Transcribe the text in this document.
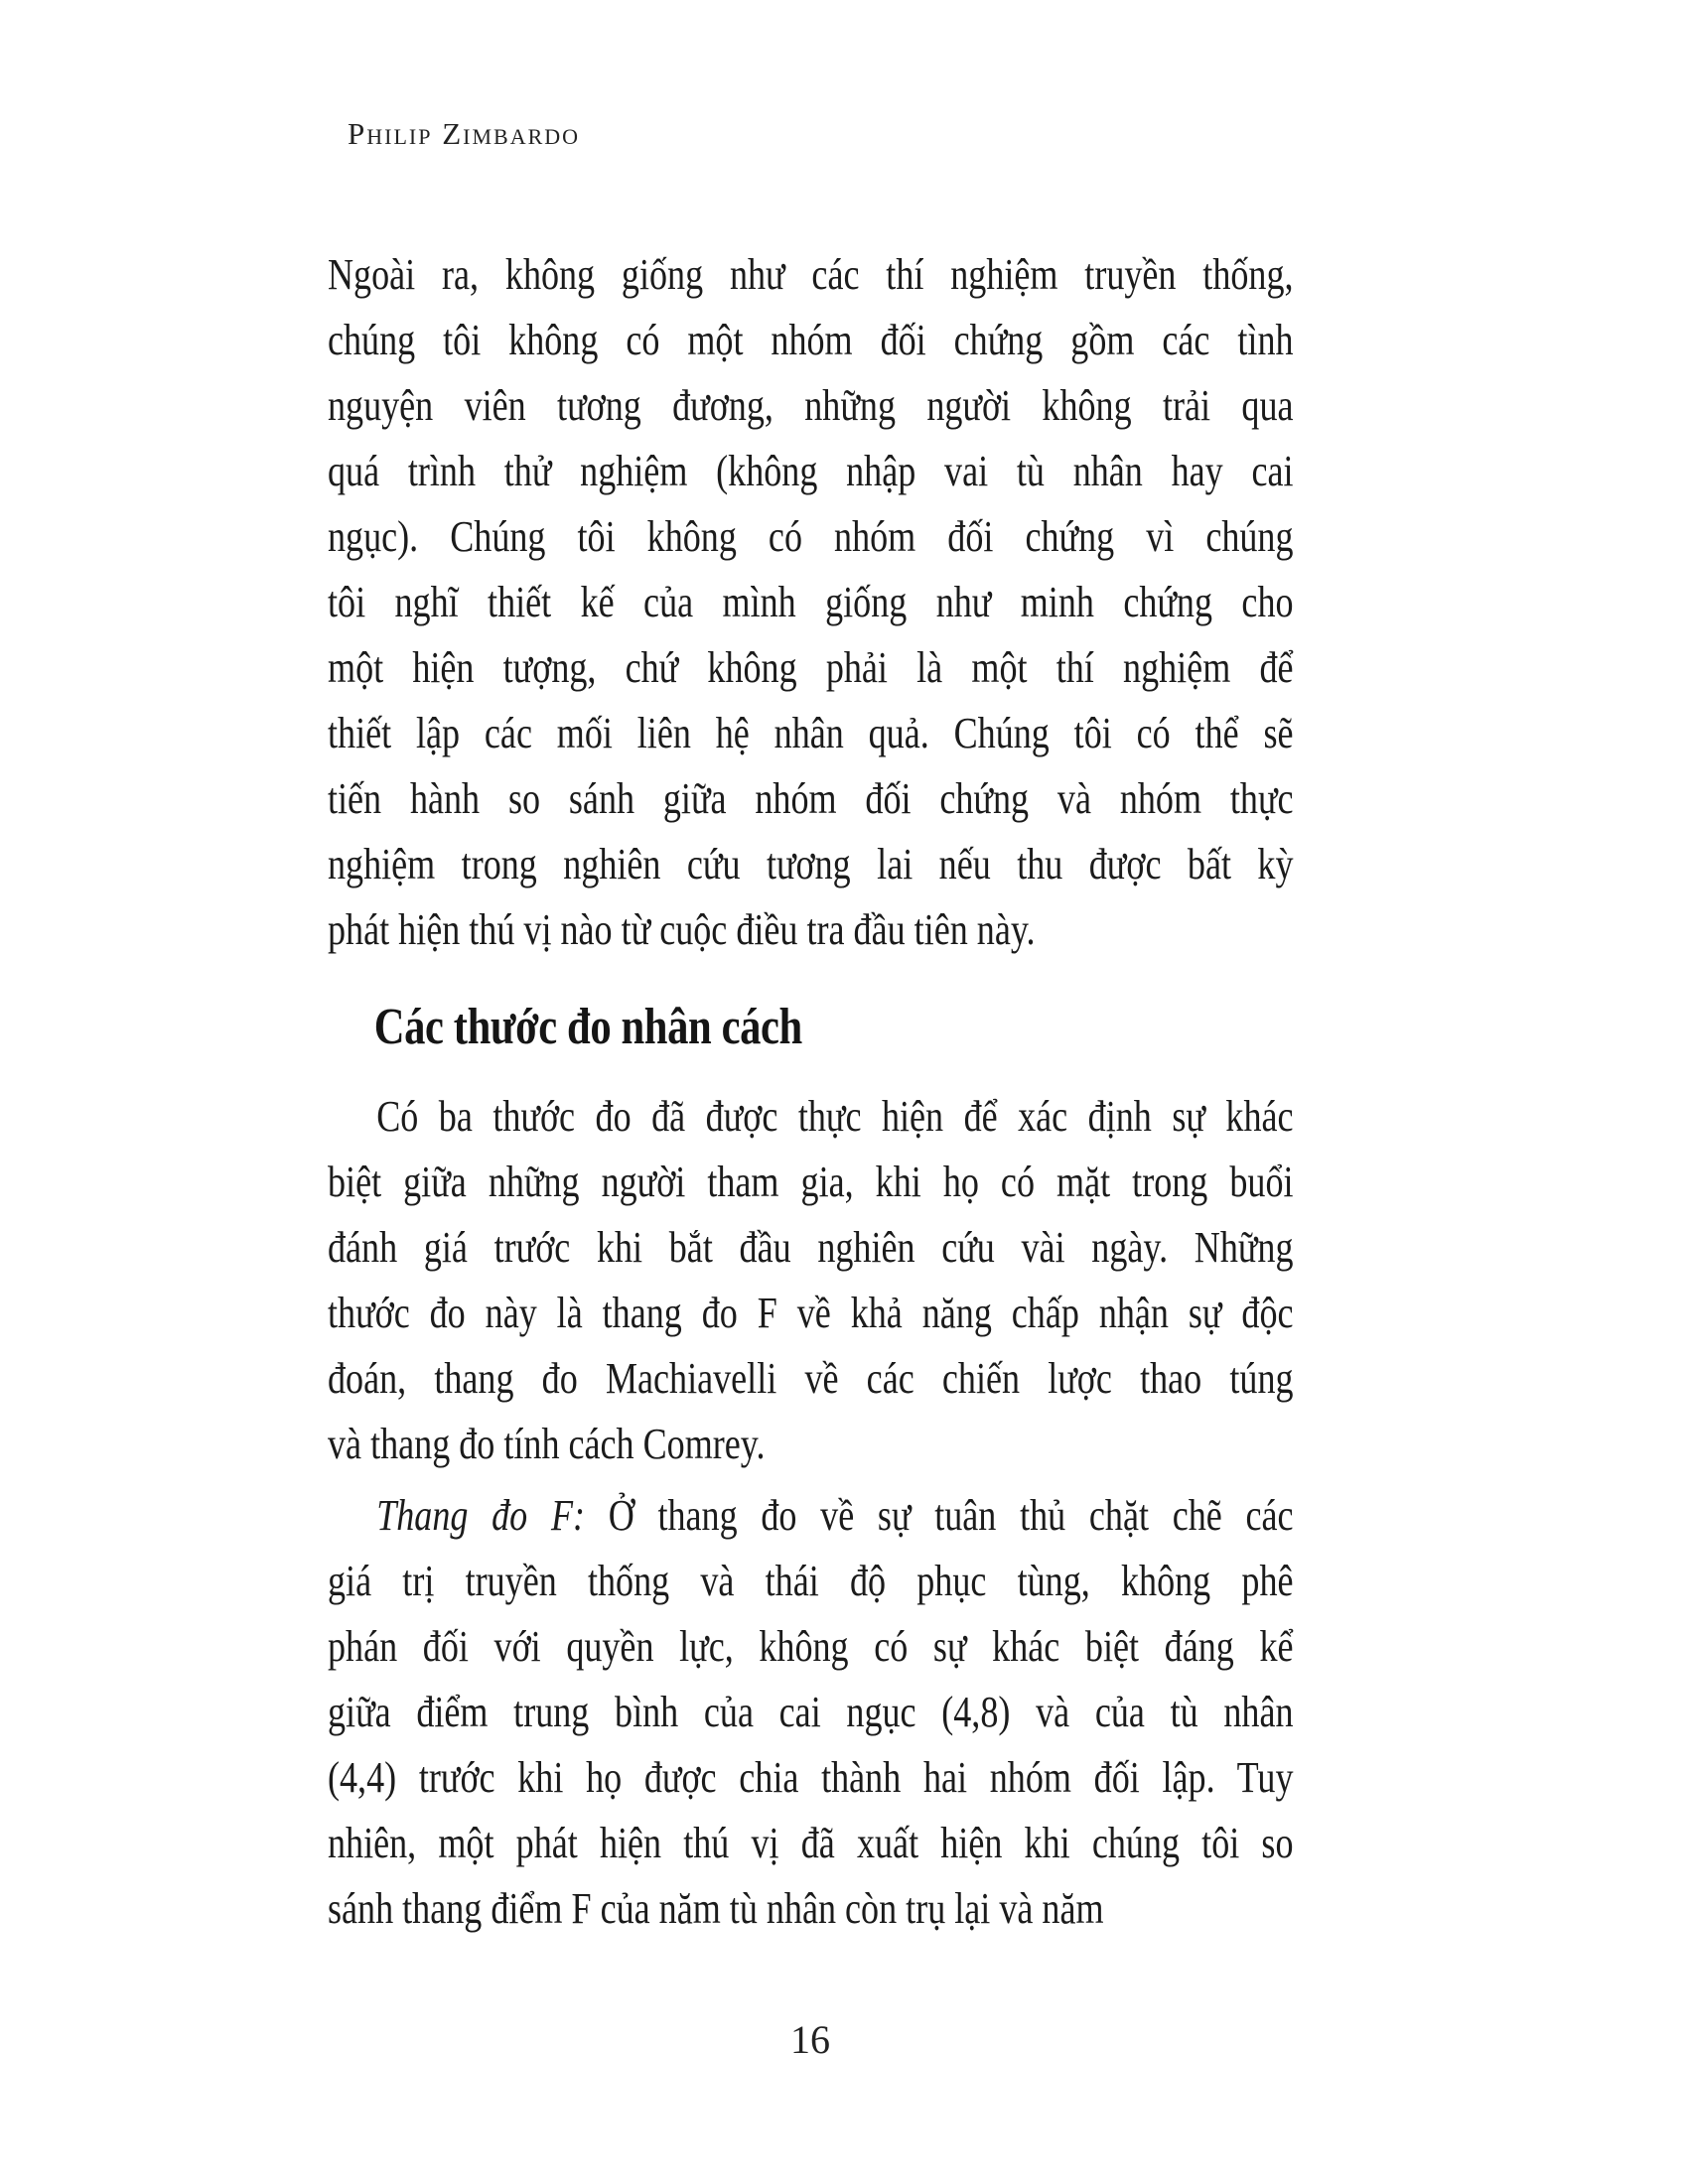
Philip Zimbardo
Ngoài ra, không giống như các thí nghiệm truyền thống,
chúng tôi không có một nhóm đối chứng gồm các tình
nguyện viên tương đương, những người không trải qua
quá trình thử nghiệm (không nhập vai tù nhân hay cai
ngục). Chúng tôi không có nhóm đối chứng vì chúng
tôi nghĩ thiết kế của mình giống như minh chứng cho
một hiện tượng, chứ không phải là một thí nghiệm để
thiết lập các mối liên hệ nhân quả. Chúng tôi có thể sẽ
tiến hành so sánh giữa nhóm đối chứng và nhóm thực
nghiệm trong nghiên cứu tương lai nếu thu được bất kỳ
phát hiện thú vị nào từ cuộc điều tra đầu tiên này.
Các thước đo nhân cách
Có ba thước đo đã được thực hiện để xác định sự khác
biệt giữa những người tham gia, khi họ có mặt trong buổi
đánh giá trước khi bắt đầu nghiên cứu vài ngày. Những
thước đo này là thang đo F về khả năng chấp nhận sự độc
đoán, thang đo Machiavelli về các chiến lược thao túng
và thang đo tính cách Comrey.
Thang đo F: Ở thang đo về sự tuân thủ chặt chẽ các
giá trị truyền thống và thái độ phục tùng, không phê
phán đối với quyền lực, không có sự khác biệt đáng kể
giữa điểm trung bình của cai ngục (4,8) và của tù nhân
(4,4) trước khi họ được chia thành hai nhóm đối lập. Tuy
nhiên, một phát hiện thú vị đã xuất hiện khi chúng tôi so
sánh thang điểm F của năm tù nhân còn trụ lại và năm
16
